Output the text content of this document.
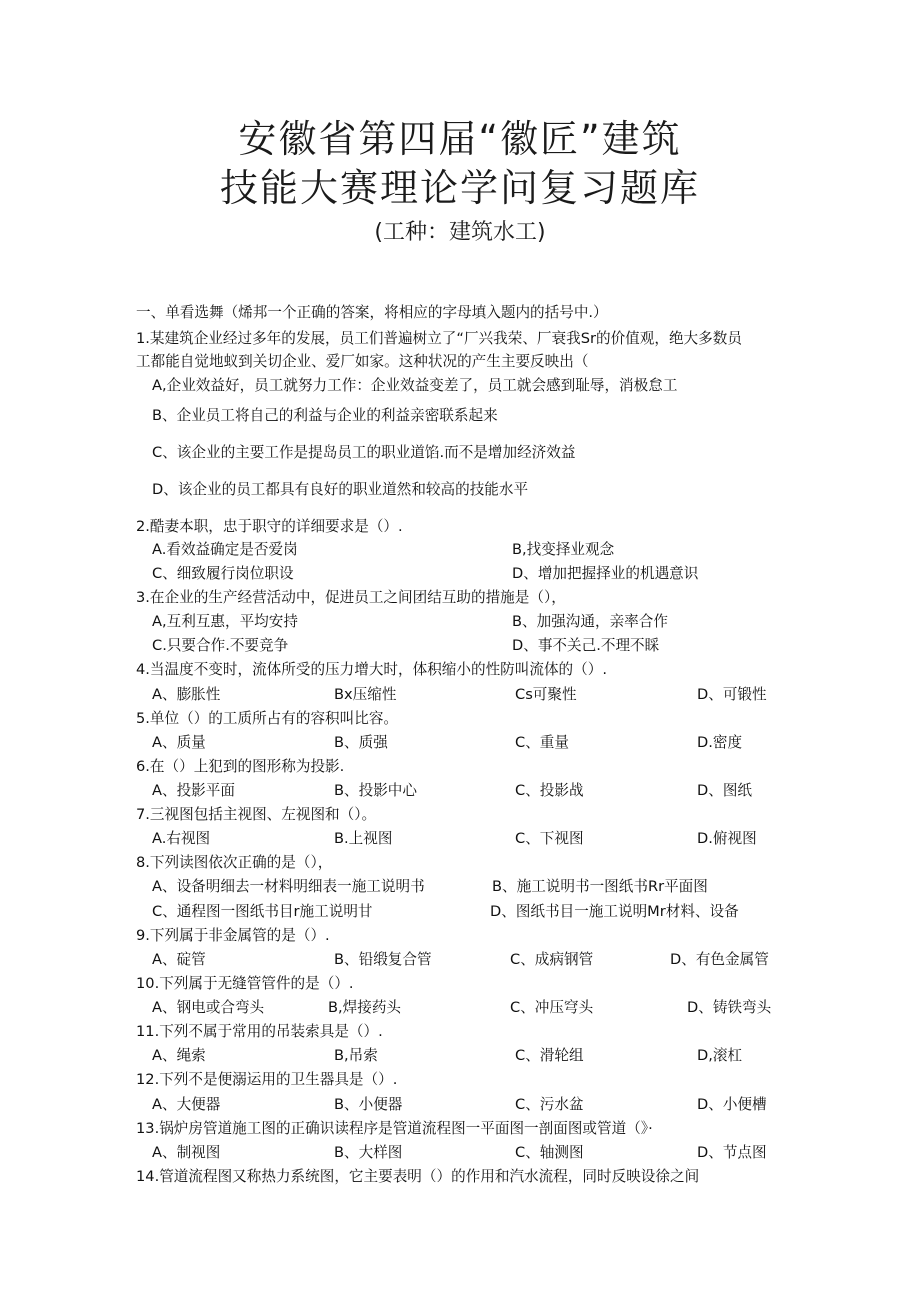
安徽省第四届“徽匠”建筑
技能大赛理论学问复习题库
(工种：建筑水工)
一、单看选舞（烯邦一个正确的答案，将相应的字母填入题内的括号中.）
1.某建筑企业经过多年的发展，员工们普遍树立了“厂兴我荣、厂衰我Sr的价值观，绝大多数员
工都能自觉地蚁到关切企业、爱厂如家。这种状况的产生主要反映出（
A,企业效益好，员工就努力工作：企业效益变差了，员工就会感到耻辱，消极怠工
B、企业员工将自己的利益与企业的利益亲密联系起来
C、该企业的主要工作是提岛员工的职业道馅.而不是增加经济效益
D、该企业的员工都具有良好的职业道然和较高的技能水平
2.酷妻本职，忠于职守的详细要求是（）.
A.看效益确定是否爱岗	B,找变择业观念
C、细致履行岗位职设	D、增加把握择业的机遇意识
3.在企业的生产经营活动中，促进员工之间团结互助的措施是（），
A,互利互惠，平均安持	B、加强沟通，亲率合作
C.只要合作.不要竞争	D、事不关己.不理不睬
4.当温度不变时，流体所受的压力增大时，体积缩小的性防叫流体的（）.
A、膨胀性	Bx压缩性	Cs可聚性	D、可锻性
5.单位（）的工质所占有的容积叫比容。
A、质量	B、质强	C、重量	D.密度
6.在（）上犯到的图形称为投影.
A、投影平面	B、投影中心	C、投影战	D、图纸
7.三视图包括主视图、左视图和（）。
A.右视图	B.上视图	C、下视图	D.俯视图
8.下列读图依次正确的是（），
A、设备明细去一材料明细表一施工说明书	B、施工说明书一图纸书Rr平面图
C、通程图一图纸书目r施工说明甘	D、图纸书目一施工说明Mr材料、设备
9.下列属于非金属管的是（）.
A、碇管	B、铅缎复合管	C、成病钢管	D、有色金属管
10.下列属于无缝管管件的是（）.
A、钢电或合弯头	B,焊接药头	C、冲压穹头	D、铸铁弯头
11.下列不属于常用的吊装索具是（）.
A、绳索	B,吊索	C、滑轮组	D,滚杠
12.下列不是便溺运用的卫生器具是（）.
A、大便器	B、小便器	C、污水盆	D、小便槽
13.锅炉房管道施工图的正确识读程序是管道流程图一平面图一剖面图或管道（》·
A、制视图	B、大样图	C、轴测图	D、节点图
14.管道流程图又称热力系统图，它主要表明（）的作用和汽水流程，同时反映设徐之间
